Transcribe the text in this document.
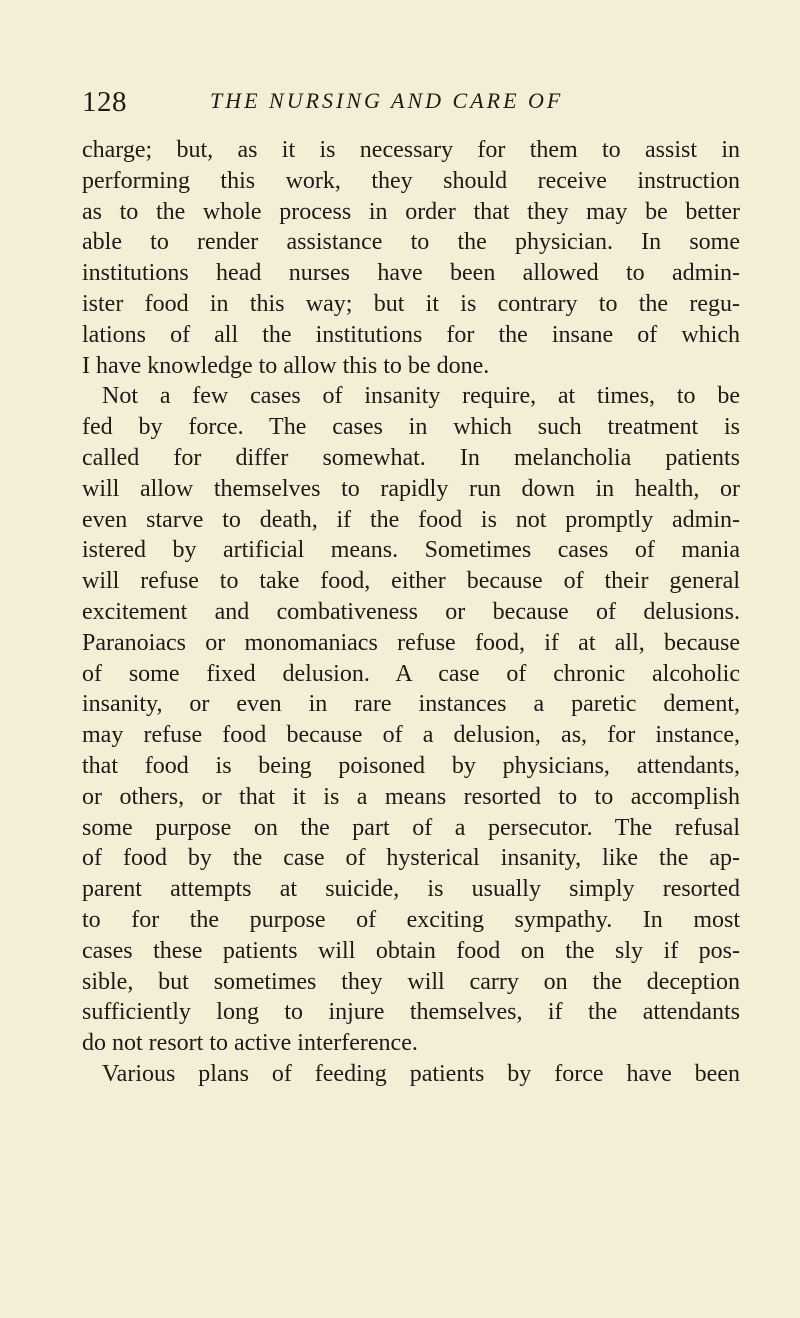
128	THE NURSING AND CARE OF
charge; but, as it is necessary for them to assist in
performing this work, they should receive instruction
as to the whole process in order that they may be better
able to render assistance to the physician. In some
institutions head nurses have been allowed to admin-
ister food in this way; but it is contrary to the regu-
lations of all the institutions for the insane of which
I have knowledge to allow this to be done.
Not a few cases of insanity require, at times, to be
fed by force. The cases in which such treatment is
called for differ somewhat. In melancholia patients
will allow themselves to rapidly run down in health, or
even starve to death, if the food is not promptly admin-
istered by artificial means. Sometimes cases of mania
will refuse to take food, either because of their general
excitement and combativeness or because of delusions.
Paranoiacs or monomaniacs refuse food, if at all, because
of some fixed delusion. A case of chronic alcoholic
insanity, or even in rare instances a paretic dement,
may refuse food because of a delusion, as, for instance,
that food is being poisoned by physicians, attendants,
or others, or that it is a means resorted to to accomplish
some purpose on the part of a persecutor. The refusal
of food by the case of hysterical insanity, like the ap-
parent attempts at suicide, is usually simply resorted
to for the purpose of exciting sympathy. In most
cases these patients will obtain food on the sly if pos-
sible, but sometimes they will carry on the deception
sufficiently long to injure themselves, if the attendants
do not resort to active interference.
Various plans of feeding patients by force have been
